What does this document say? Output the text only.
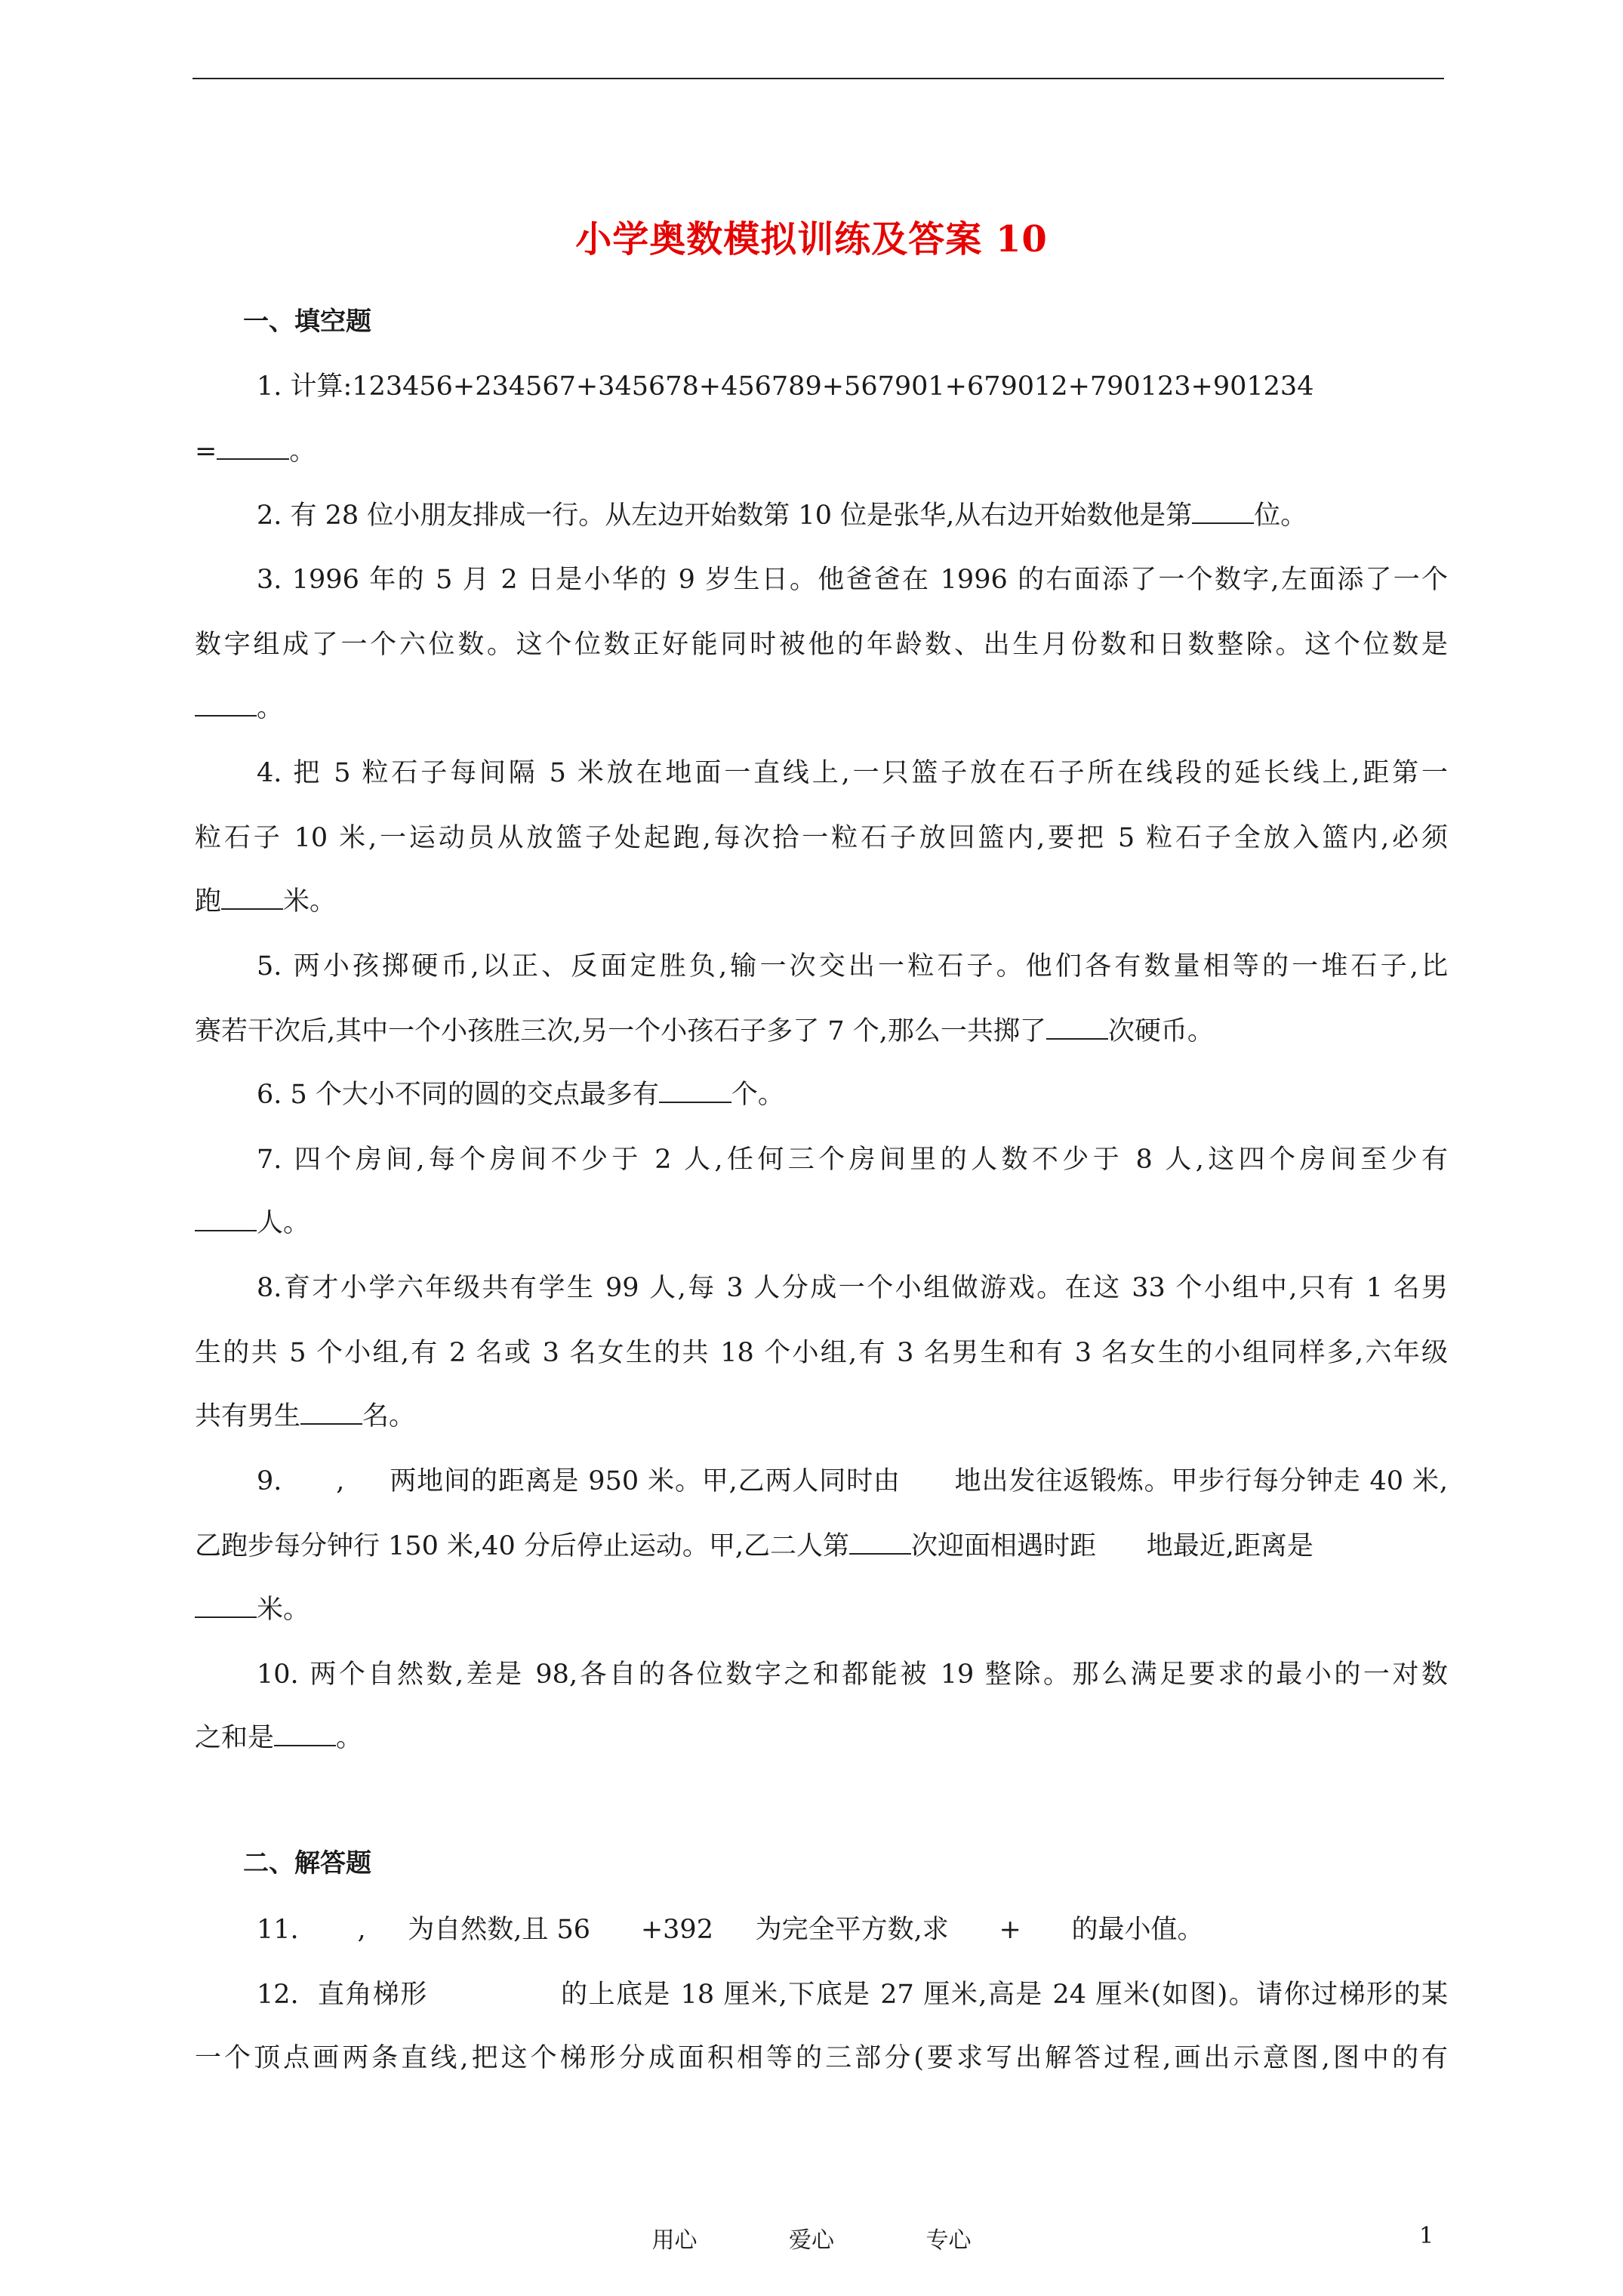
小学奥数模拟训练及答案 10
一、填空题
1. 计算:123456+234567+345678+456789+567901+679012+790123+901234
=	。
2. 有 28 位小朋友排成一行。从左边开始数第 10 位是张华,从右边开始数他是第 位。
3. 1996 年的 5 月 2 日是小华的 9 岁生日。他爸爸在 1996 的右面添了一个数字,左面添了一个
数字组成了一个六位数。这个位数正好能同时被他的年龄数、出生月份数和日数整除。这个位数是
。
4. 把 5 粒石子每间隔 5 米放在地面一直线上,一只篮子放在石子所在线段的延长线上,距第一
粒石子 10 米,一运动员从放篮子处起跑,每次拾一粒石子放回篮内,要把 5 粒石子全放入篮内,必须
跑 米。
5. 两小孩掷硬币,以正、反面定胜负,输一次交出一粒石子。他们各有数量相等的一堆石子,比
赛若干次后,其中一个小孩胜三次,另一个小孩石子多了 7 个,那么一共掷了 次硬币。
6. 5 个大小不同的圆的交点最多有	个。
7. 四个房间,每个房间不少于 2 人,任何三个房间里的人数不少于 8 人,这四个房间至少有
人。
8.育才小学六年级共有学生 99 人,每 3 人分成一个小组做游戏。在这 33 个小组中,只有 1 名男
生的共 5 个小组,有 2 名或 3 名女生的共 18 个小组,有 3 名男生和有 3 名女生的小组同样多,六年级
共有男生 名。
9.      ,     两地间的距离是 950 米。甲,乙两人同时由      地出发往返锻炼。甲步行每分钟走 40 米,
乙跑步每分钟行 150 米,40 分后停止运动。甲,乙二人第 次迎面相遇时距      地最近,距离是
米。
10. 两个自然数,差是 98,各自的各位数字之和都能被 19 整除。那么满足要求的最小的一对数
之和是 。
二、解答题
11.       ,     为自然数,且 56      +392     为完全平方数,求      +      的最小值。
12.  直角梯形              的上底是 18 厘米,下底是 27 厘米,高是 24 厘米(如图)。请你过梯形的某
一个顶点画两条直线,把这个梯形分成面积相等的三部分(要求写出解答过程,画出示意图,图中的有
用心	爱心	专心	1
